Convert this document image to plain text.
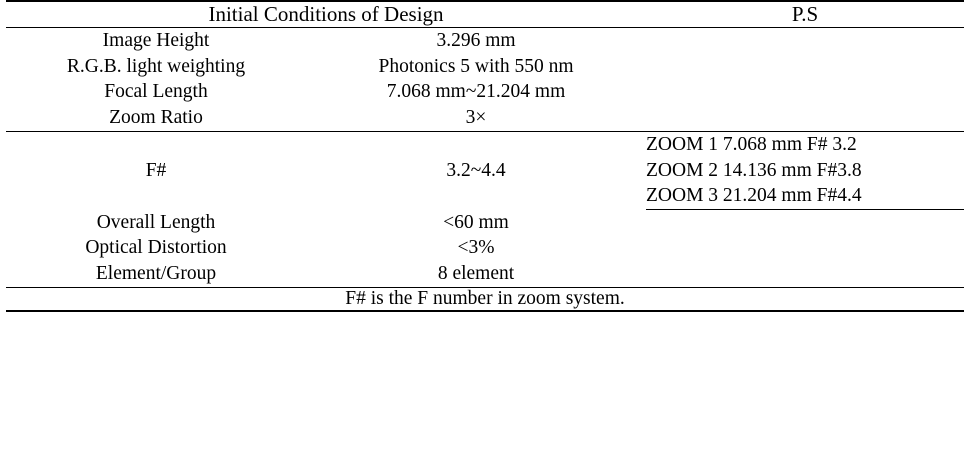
Initial Conditions of Design		P.S
Image Height	3.296 mm	
R.G.B. light weighting	Photonics 5 with 550 nm	
Focal Length	7.068 mm~21.204 mm	
Zoom Ratio	3×	
F#	3.2~4.4	ZOOM 1 7.068 mm F# 3.2
		ZOOM 2 14.136 mm F#3.8
		ZOOM 3 21.204 mm F#4.4
Overall Length	<60 mm	
Optical Distortion	<3%	
Element/Group	8 element	
F# is the F number in zoom system.		
